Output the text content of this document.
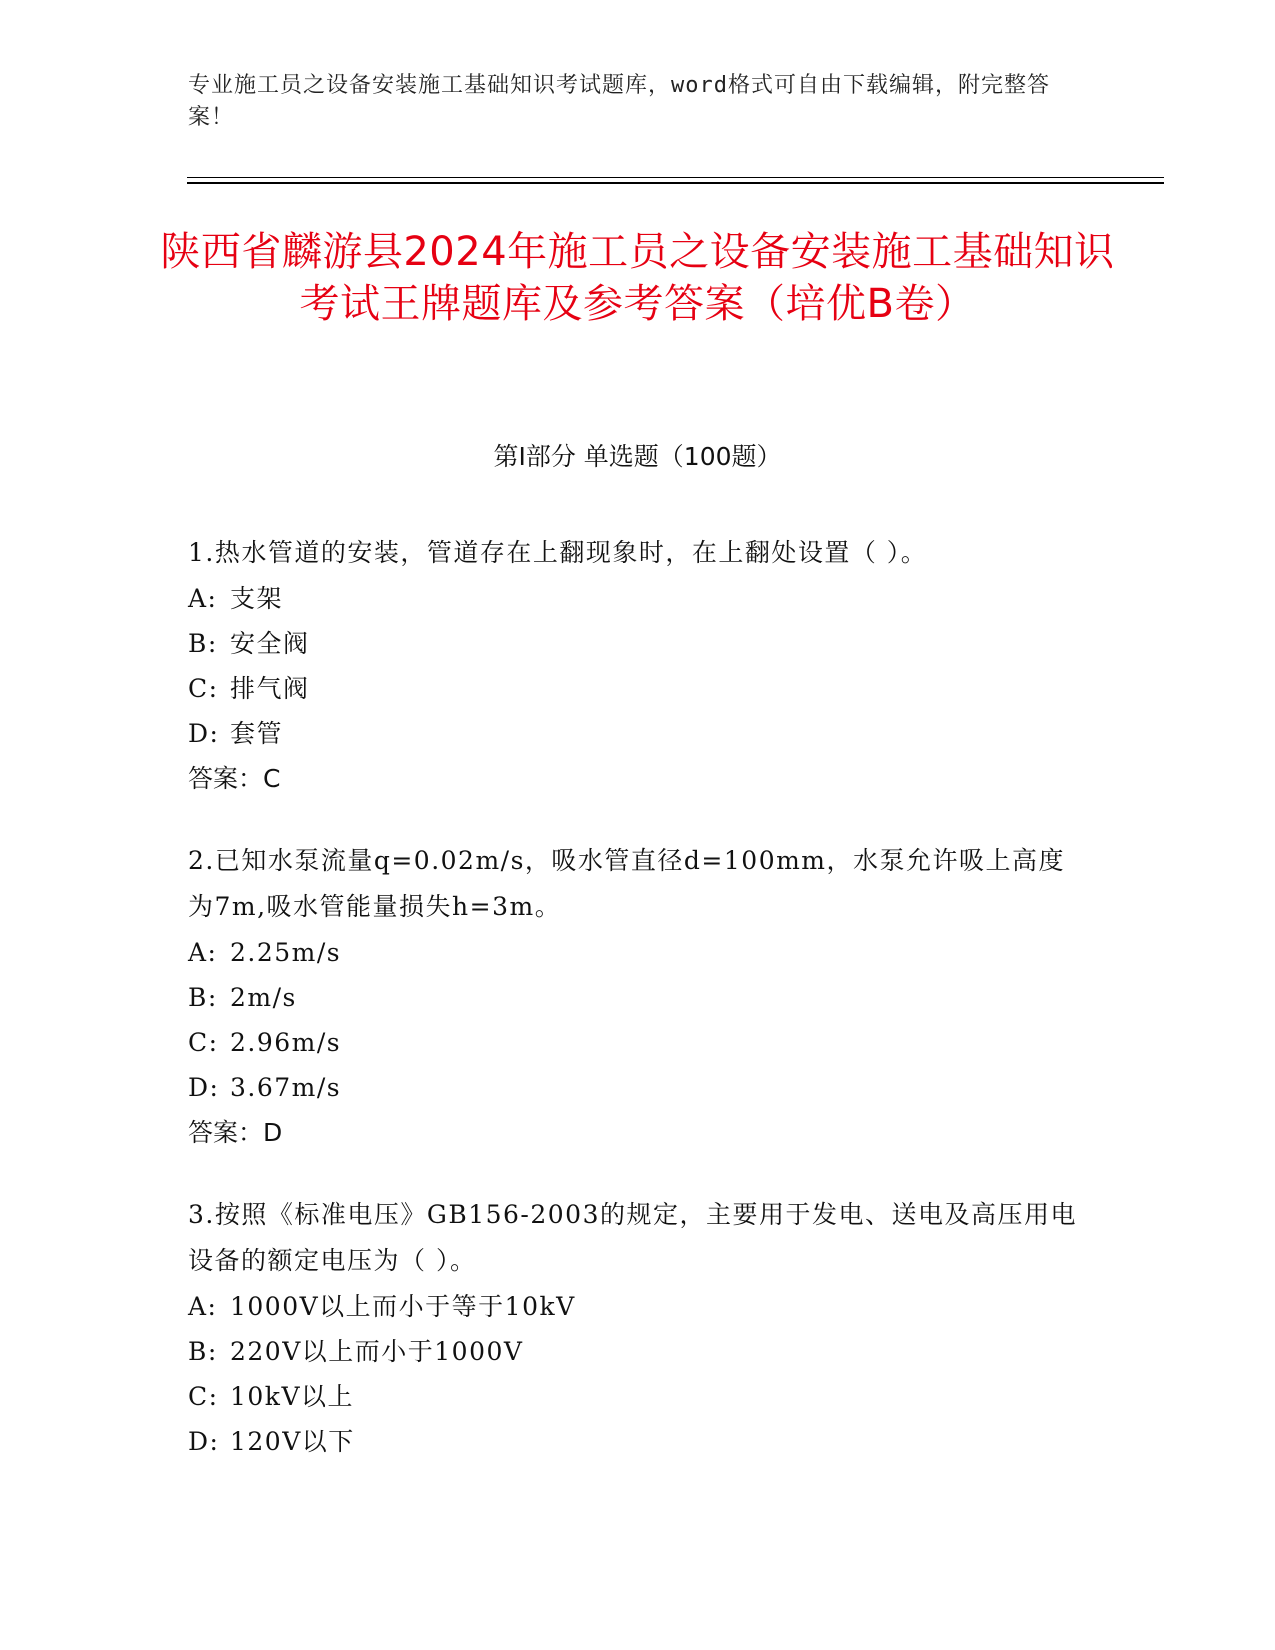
专业施工员之设备安装施工基础知识考试题库，word格式可自由下载编辑，附完整答案！
陕西省麟游县2024年施工员之设备安装施工基础知识考试王牌题库及参考答案（培优B卷）
第Ⅰ部分 单选题（100题）
1.热水管道的安装，管道存在上翻现象时，在上翻处设置（ ）。
A: 支架
B: 安全阀
C: 排气阀
D: 套管
答案：C
2.已知水泵流量q=0.02m/s，吸水管直径d=100mm，水泵允许吸上高度为7m,吸水管能量损失h=3m。
A: 2.25m/s
B: 2m/s
C: 2.96m/s
D: 3.67m/s
答案：D
3.按照《标准电压》GB156-2003的规定，主要用于发电、送电及高压用电设备的额定电压为（ ）。
A: 1000V以上而小于等于10kV
B: 220V以上而小于1000V
C: 10kV以上
D: 120V以下
